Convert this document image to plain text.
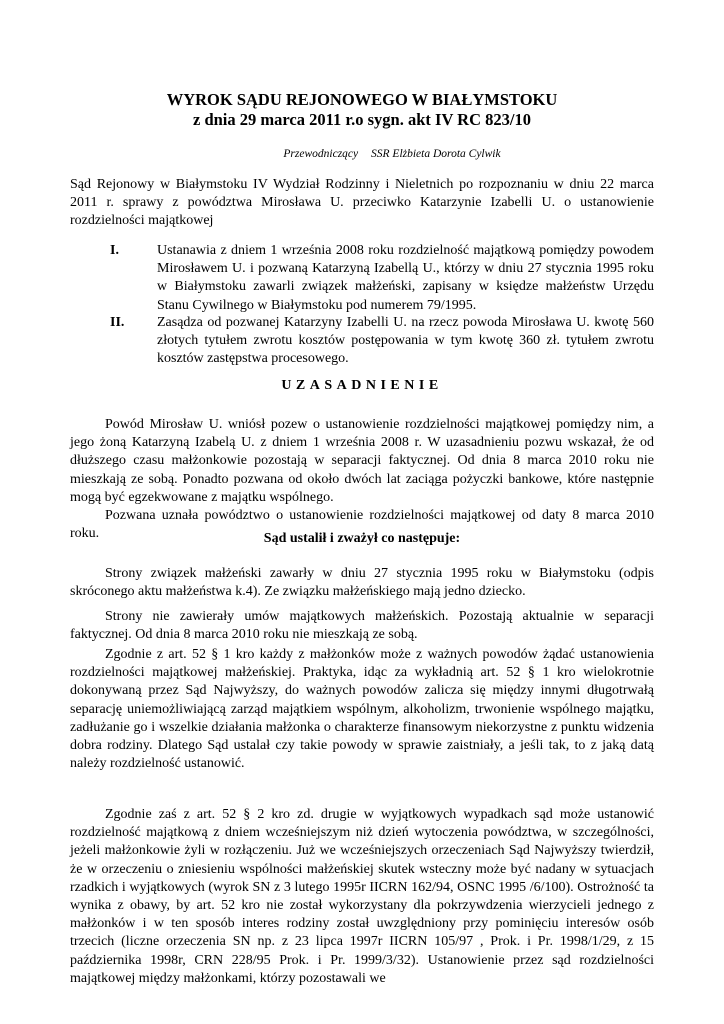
WYROK SĄDU REJONOWEGO W BIAŁYMSTOKU
z dnia 29 marca 2011 r.o sygn. akt IV RC 823/10
Przewodniczący SSR Elżbieta Dorota Cylwik

Sąd Rejonowy w Białymstoku IV Wydział Rodzinny i Nieletnich po rozpoznaniu w dniu 22 marca 2011 r. sprawy z powództwa Mirosława U. przeciwko Katarzynie Izabelli U. o ustanowienie rozdzielności majątkowej

I.	Ustanawia z dniem 1 września 2008 roku rozdzielność majątkową pomiędzy powodem Mirosławem U. i pozwaną Katarzyną Izabellą U., którzy w dniu 27 stycznia 1995 roku w Białymstoku zawarli związek małżeński, zapisany w księdze małżeństw Urzędu Stanu Cywilnego w Białymstoku pod numerem 79/1995.
II. Zasądza od pozwanej Katarzyny Izabelli U. na rzecz powoda Mirosława U. kwotę 560 złotych tytułem zwrotu kosztów postępowania w tym kwotę 360 zł. tytułem zwrotu kosztów zastępstwa procesowego.
UZASADNIENIE

Powód Mirosław U. wniósł pozew o ustanowienie rozdzielności majątkowej pomiędzy nim, a jego żoną Katarzyną Izabelą U. z dniem 1 września 2008 r. W uzasadnieniu pozwu wskazał, że od dłuższego czasu małżonkowie pozostają w separacji faktycznej. Od dnia 8 marca 2010 roku nie mieszkają ze sobą. Ponadto pozwana od około dwóch lat zaciąga pożyczki bankowe, które następnie mogą być egzekwowane z majątku wspólnego.

Pozwana uznała powództwo o ustanowienie rozdzielności majątkowej od daty 8 marca 2010 roku.	Sąd ustalił i zważył co następuje:

Strony związek małżeński zawarły w dniu 27 stycznia 1995 roku w Białymstoku (odpis skróconego aktu małżeństwa k.4). Ze związku małżeńskiego mają jedno dziecko.

Strony nie zawierały umów majątkowych małżeńskich. Pozostają aktualnie w separacji faktycznej. Od dnia 8 marca 2010 roku nie mieszkają ze sobą.

Zgodnie z art. 52 § 1 kro każdy z małżonków może z ważnych powodów żądać ustanowienia rozdzielności majątkowej małżeńskiej. Praktyka, idąc za wykładnią art. 52 § 1 kro wielokrotnie dokonywaną przez Sąd Najwyższy, do ważnych powodów zalicza się między innymi długotrwałą separację uniemożliwiającą zarząd majątkiem wspólnym, alkoholizm, trwonienie wspólnego majątku, zadłużanie go i wszelkie działania małżonka o charakterze finansowym niekorzystne z punktu widzenia dobra rodziny. Dlatego Sąd ustalał czy takie powody w sprawie zaistniały, a jeśli tak, to z jaką datą należy rozdzielność ustanowić.

Zgodnie zaś z art. 52 § 2 kro zd. drugie w wyjątkowych wypadkach sąd może ustanowić rozdzielność majątkową z dniem wcześniejszym niż dzień wytoczenia powództwa, w szczególności, jeżeli małżonkowie żyli w rozłączeniu. Już we wcześniejszych orzeczeniach Sąd Najwyższy twierdził, że w orzeczeniu o zniesieniu wspólności małżeńskiej skutek wsteczny może być nadany w sytuacjach rzadkich i wyjątkowych (wyrok SN z 3 lutego 1995r IICRN 162/94, OSNC 1995 /6/100). Ostrożność ta wynika z obawy, by art. 52 kro nie został wykorzystany dla pokrzywdzenia wierzycieli jednego z małżonków i w ten sposób interes rodziny został uwzględniony przy pominięciu interesów osób trzecich (liczne orzeczenia SN np. z 23 lipca 1997r IICRN 105/97 , Prok. i Pr. 1998/1/29, z 15 października 1998r, CRN 228/95 Prok. i Pr. 1999/3/32). Ustanowienie przez sąd rozdzielności majątkowej między małżonkami, którzy pozostawali we
